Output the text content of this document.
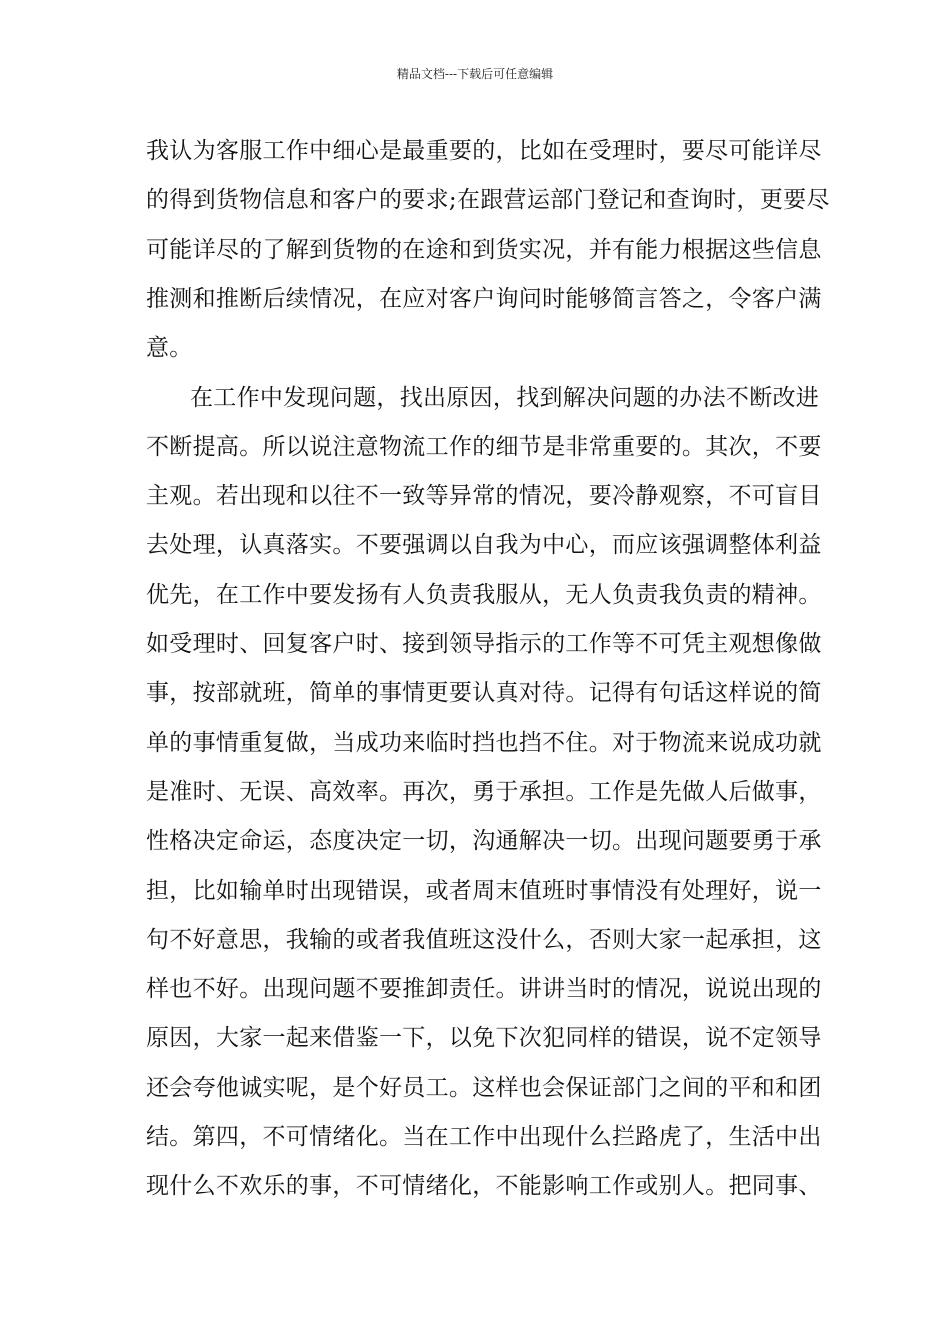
精品文档---下载后可任意编辑
我认为客服工作中细心是最重要的，比如在受理时，要尽可能详尽
的得到货物信息和客户的要求;在跟营运部门登记和查询时，更要尽
可能详尽的了解到货物的在途和到货实况，并有能力根据这些信息
推测和推断后续情况，在应对客户询问时能够简言答之，令客户满
意。
在工作中发现问题，找出原因，找到解决问题的办法不断改进
不断提高。所以说注意物流工作的细节是非常重要的。其次，不要
主观。若出现和以往不一致等异常的情况，要冷静观察，不可盲目
去处理，认真落实。不要强调以自我为中心，而应该强调整体利益
优先，在工作中要发扬有人负责我服从，无人负责我负责的精神。
如受理时、回复客户时、接到领导指示的工作等不可凭主观想像做
事，按部就班，简单的事情更要认真对待。记得有句话这样说的简
单的事情重复做，当成功来临时挡也挡不住。对于物流来说成功就
是准时、无误、高效率。再次，勇于承担。工作是先做人后做事，
性格决定命运，态度决定一切，沟通解决一切。出现问题要勇于承
担，比如输单时出现错误，或者周末值班时事情没有处理好，说一
句不好意思，我输的或者我值班这没什么，否则大家一起承担，这
样也不好。出现问题不要推卸责任。讲讲当时的情况，说说出现的
原因，大家一起来借鉴一下，以免下次犯同样的错误，说不定领导
还会夸他诚实呢，是个好员工。这样也会保证部门之间的平和和团
结。第四，不可情绪化。当在工作中出现什么拦路虎了，生活中出
现什么不欢乐的事，不可情绪化，不能影响工作或别人。把同事、
